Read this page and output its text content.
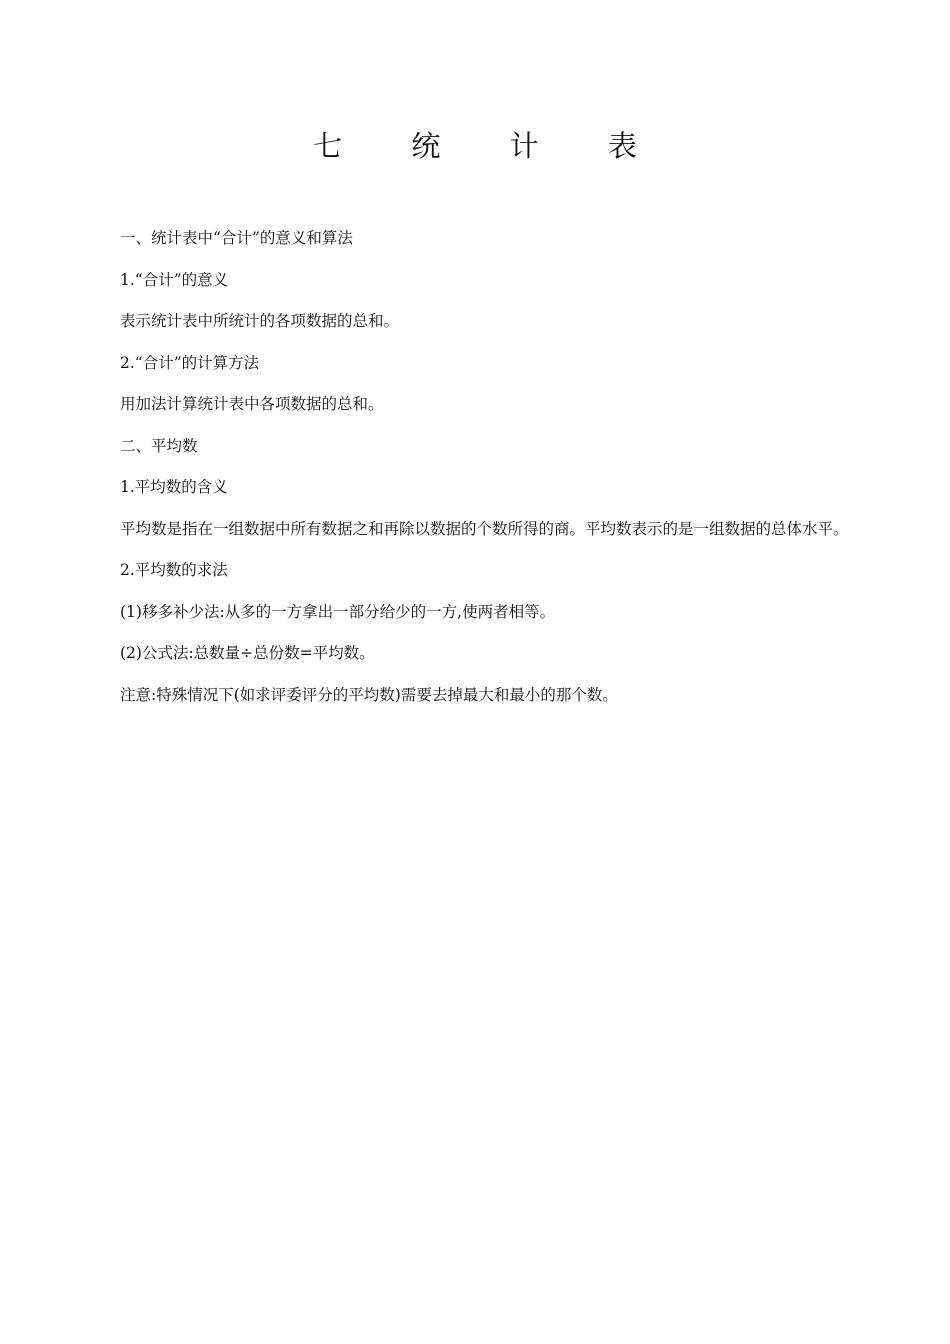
七 统 计 表

一、统计表中“合计”的意义和算法

1.“合计”的意义

表示统计表中所统计的各项数据的总和。

2.“合计”的计算方法

用加法计算统计表中各项数据的总和。

二、平均数

1.平均数的含义

平均数是指在一组数据中所有数据之和再除以数据的个数所得的商。平均数表示的是一组数据的总体水平。

2.平均数的求法

(1)移多补少法:从多的一方拿出一部分给少的一方,使两者相等。

(2)公式法:总数量÷总份数=平均数。

注意:特殊情况下(如求评委评分的平均数)需要去掉最大和最小的那个数。
